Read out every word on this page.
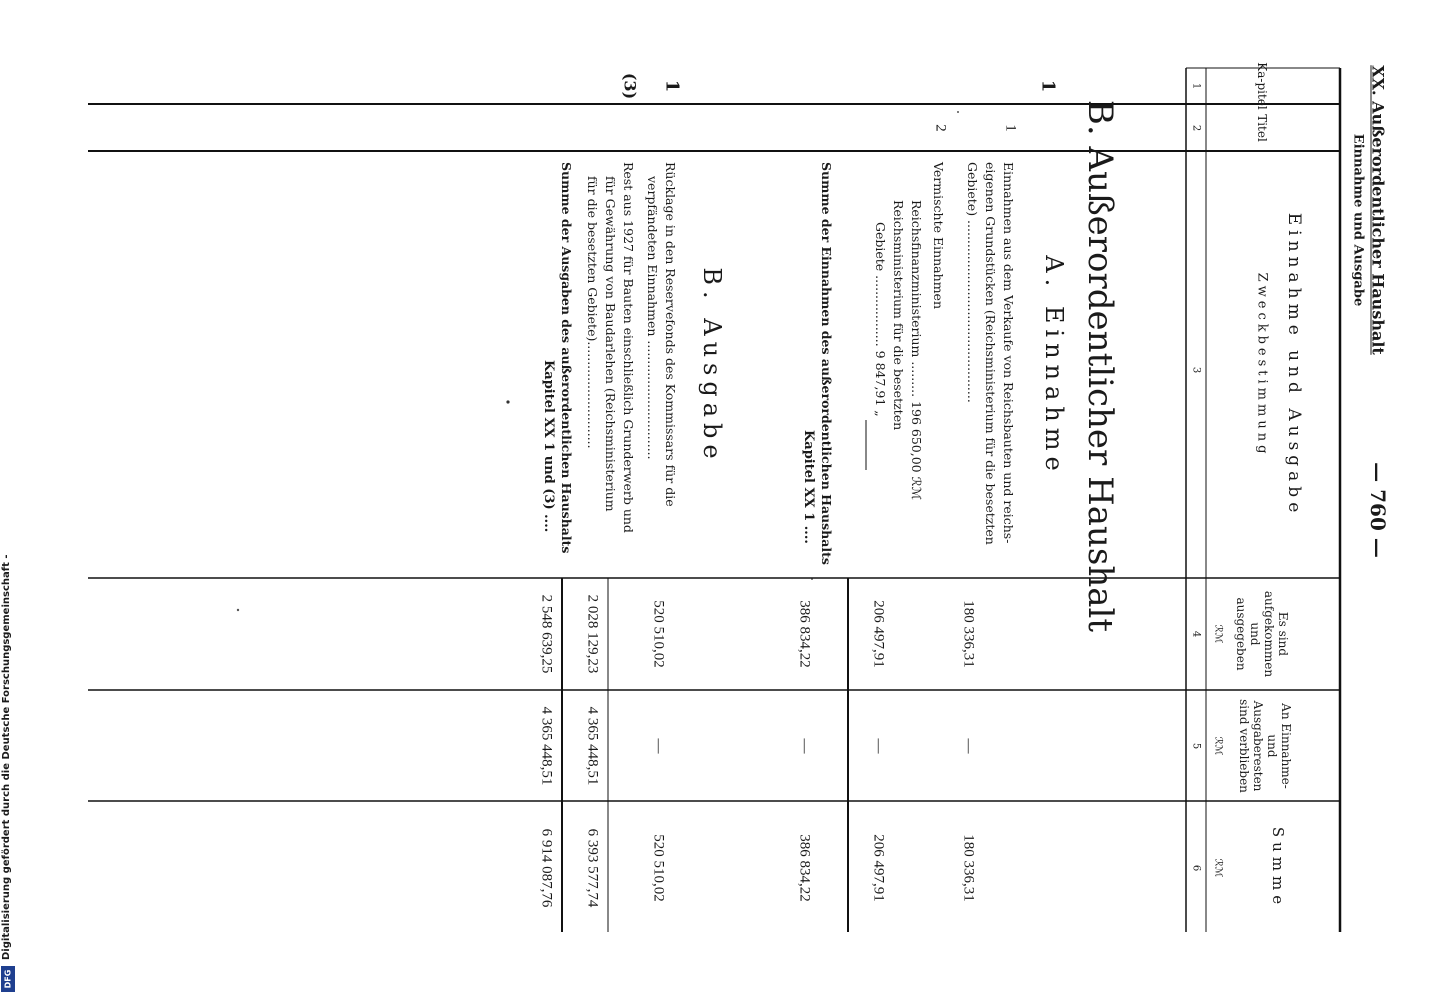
— 760 —
XX. Außerordentlicher Haushalt
Einnahme und Ausgabe
Ka-pitel
Titel
Einnahme und Ausgabe
Zweckbestimmung
Es sind aufgekommen und ausgegeben
ℛℳ
An Einnahme- und Ausgaberesten sind verblieben
ℛℳ
Summe
ℛℳ
1
2
3
4
5
6
B. Außerordentlicher Haushalt
A. Einnahme
1
1
Einnahmen aus dem Verkaufe von Reichsbauten und reichs-
eigenen Grundstücken (Reichsministerium für die besetzten
Gebiete) ..............................................
180 336,31
—
180 336,31
2
Vermischte Einnahmen
Reichsfinanzministerium ......... 196 650,00 ℛℳ
Reichsministerium für die besetzten
Gebiete .................. 9 847,91 „
206 497,91
—
206 497,91
Summe der Einnahmen des außerordentlichen Haushalts
Kapitel XX 1 ....
386 834,22
—
386 834,22
B. Ausgabe
1
(3)
Rücklage in den Reservefonds des Kommissars für die
verpfändeten Einnahmen ..............................
520 510,02
—
520 510,02
Rest aus 1927 für Bauten einschließlich Grunderwerb und
für Gewährung von Baudarlehen (Reichsministerium
für die besetzten Gebiete)...........................
2 028 129,23
4 365 448,51
6 393 577,74
Summe der Ausgaben des außerordentlichen Haushalts
Kapitel XX 1 und (3) ....
2 548 639,25
4 365 448,51
6 914 087,76
Digitalisierung gefördert durch die Deutsche Forschungsgemeinschaft -
DFG
